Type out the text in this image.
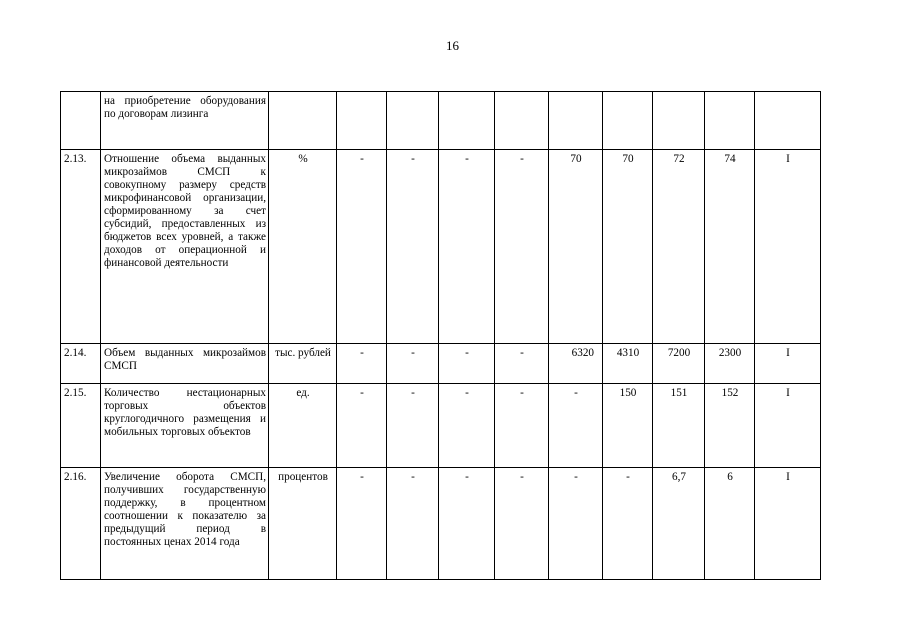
16
	на приобретение оборудования по договорам лизинга										
2.13.	Отношение объема выданных микрозаймов СМСП к совокупному размеру средств микрофинансовой организации, сформированному за счет субсидий, предоставленных из бюджетов всех уровней, а также доходов от операционной и финансовой деятельности	%	-	-	-	-	70	70	72	74	I
2.14.	Объем выданных микрозаймов СМСП	тыс. рублей	-	-	-	-	6320	4310	7200	2300	I
2.15.	Количество нестационарных торговых объектов круглогодичного размещения и мобильных торговых объектов	ед.	-	-	-	-	-	150	151	152	I
2.16.	Увеличение оборота СМСП, получивших государственную поддержку, в процентном соотношении к показателю за предыдущий период в постоянных ценах 2014 года	процентов	-	-	-	-	-	-	6,7	6	I
